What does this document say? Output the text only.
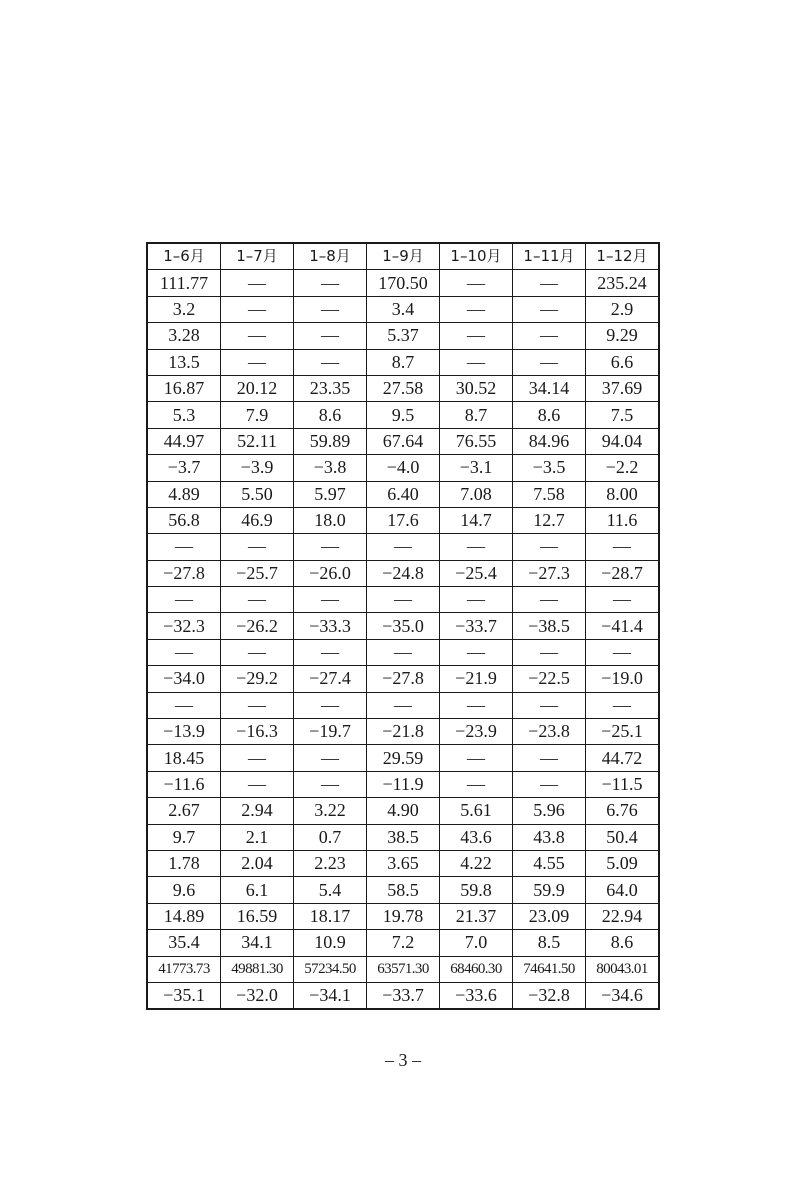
1–6月	1–7月	1–8月	1–9月	1–10月	1–11月	1–12月
111.77	—	—	170.50	—	—	235.24
3.2	—	—	3.4	—	—	2.9
3.28	—	—	5.37	—	—	9.29
13.5	—	—	8.7	—	—	6.6
16.87	20.12	23.35	27.58	30.52	34.14	37.69
5.3	7.9	8.6	9.5	8.7	8.6	7.5
44.97	52.11	59.89	67.64	76.55	84.96	94.04
−3.7	−3.9	−3.8	−4.0	−3.1	−3.5	−2.2
4.89	5.50	5.97	6.40	7.08	7.58	8.00
56.8	46.9	18.0	17.6	14.7	12.7	11.6
—	—	—	—	—	—	—
−27.8	−25.7	−26.0	−24.8	−25.4	−27.3	−28.7
—	—	—	—	—	—	—
−32.3	−26.2	−33.3	−35.0	−33.7	−38.5	−41.4
—	—	—	—	—	—	—
−34.0	−29.2	−27.4	−27.8	−21.9	−22.5	−19.0
—	—	—	—	—	—	—
−13.9	−16.3	−19.7	−21.8	−23.9	−23.8	−25.1
18.45	—	—	29.59	—	—	44.72
−11.6	—	—	−11.9	—	—	−11.5
2.67	2.94	3.22	4.90	5.61	5.96	6.76
9.7	2.1	0.7	38.5	43.6	43.8	50.4
1.78	2.04	2.23	3.65	4.22	4.55	5.09
9.6	6.1	5.4	58.5	59.8	59.9	64.0
14.89	16.59	18.17	19.78	21.37	23.09	22.94
35.4	34.1	10.9	7.2	7.0	8.5	8.6
41773.73	49881.30	57234.50	63571.30	68460.30	74641.50	80043.01
−35.1	−32.0	−34.1	−33.7	−33.6	−32.8	−34.6
– 3 –
